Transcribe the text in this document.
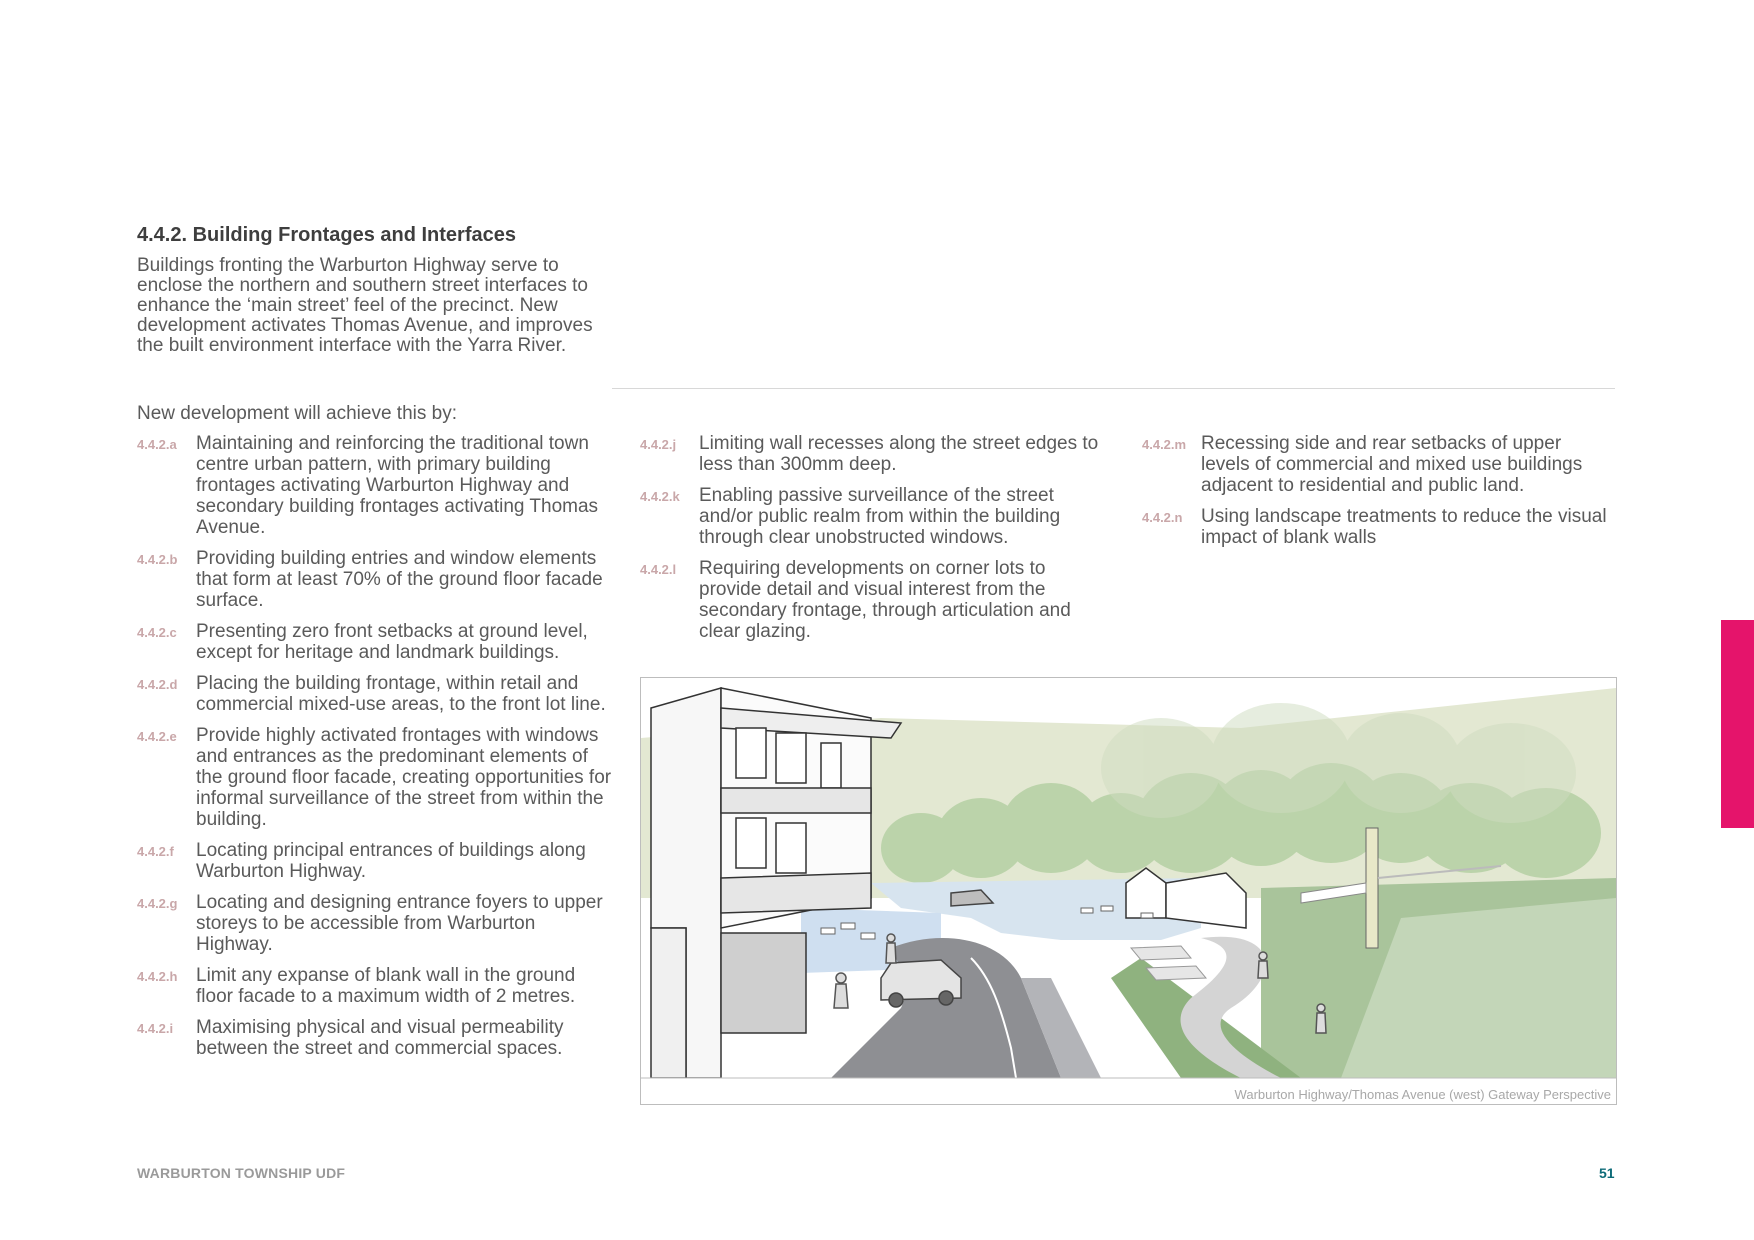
4.4.2. Building Frontages and Interfaces

Buildings fronting the Warburton Highway serve to enclose the northern and southern street interfaces to enhance the ‘main street’ feel of the precinct. New development activates Thomas Avenue, and improves the built environment interface with the Yarra River.

New development will achieve this by:

4.4.2.a	Maintaining and reinforcing the traditional town centre urban pattern, with primary building frontages activating Warburton Highway and secondary building frontages activating Thomas Avenue.
4.4.2.b Providing building entries and window elements that form at least 70% of the ground floor facade surface.
4.4.2.c	Presenting zero front setbacks at ground level, except for heritage and landmark buildings.
4.4.2.d Placing the building frontage, within retail and commercial mixed-use areas, to the front lot line.
4.4.2.e	Provide highly activated frontages with windows and entrances as the predominant elements of the ground floor facade, creating opportunities for informal surveillance of the street from within the building.
4.4.2.f	Locating principal entrances of buildings along Warburton Highway.
4.4.2.g Locating and designing entrance foyers to upper storeys to be accessible from Warburton Highway.
4.4.2.h Limit any expanse of blank wall in the ground floor facade to a maximum width of 2 metres.
4.4.2.i	Maximising physical and visual permeability between the street and commercial spaces.
4.4.2.j	Limiting wall recesses along the street edges to less than 300mm deep.
4.4.2.k	Enabling passive surveillance of the street and/or public realm from within the building through clear unobstructed windows.
4.4.2.l	Requiring developments on corner lots to provide detail and visual interest from the secondary frontage, through articulation and clear glazing.
4.4.2.m Recessing side and rear setbacks of upper levels of commercial and mixed use buildings adjacent to residential and public land.
4.4.2.n Using landscape treatments to reduce the visual impact of blank walls
Warburton Highway/Thomas Avenue (west) Gateway Perspective

WARBURTON TOWNSHIP UDF	51
